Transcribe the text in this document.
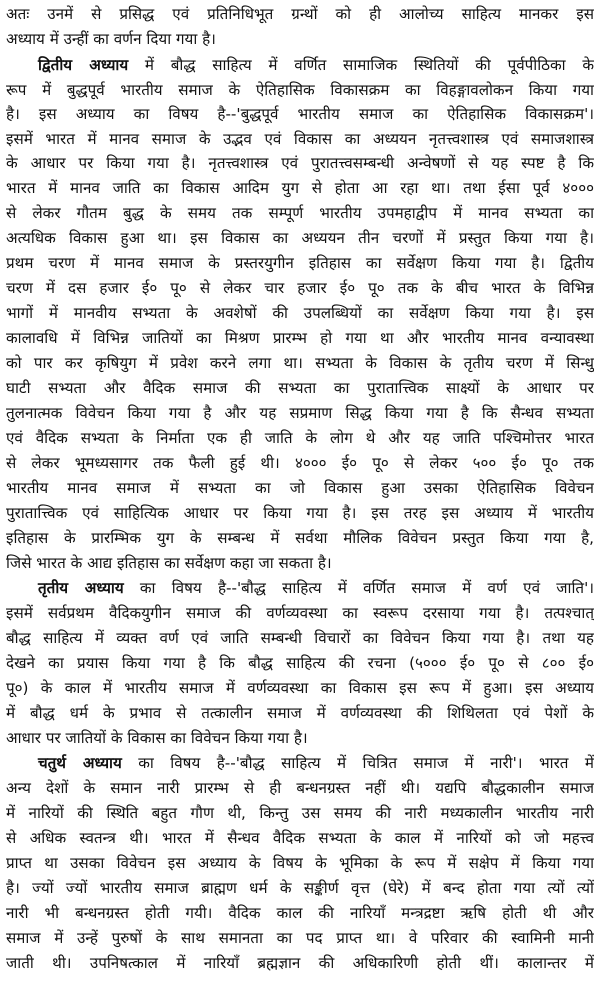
अतः उनमें से प्रसिद्ध एवं प्रतिनिधिभूत ग्रन्थों को ही आलोच्य साहित्य मानकर इस
अध्याय में उन्हीं का वर्णन दिया गया है।
द्वितीय अध्याय में बौद्ध साहित्य में वर्णित सामाजिक स्थितियों की पूर्वपीठिका के
रूप में बुद्धपूर्व भारतीय समाज के ऐतिहासिक विकासक्रम का विहङ्गावलोकन किया गया
है। इस अध्याय का विषय है--'बुद्धपूर्व भारतीय समाज का ऐतिहासिक विकासक्रम'।
इसमें भारत में मानव समाज के उद्भव एवं विकास का अध्ययन नृतत्त्वशास्त्र एवं समाजशास्त्र
के आधार पर किया गया है। नृतत्त्वशास्त्र एवं पुरातत्त्वसम्बन्धी अन्वेषणों से यह स्पष्ट है कि
भारत में मानव जाति का विकास आदिम युग से होता आ रहा था। तथा ईसा पूर्व ४०००
से लेकर गौतम बुद्ध के समय तक सम्पूर्ण भारतीय उपमहाद्वीप में मानव सभ्यता का
अत्यधिक विकास हुआ था। इस विकास का अध्ययन तीन चरणों में प्रस्तुत किया गया है।
प्रथम चरण में मानव समाज के प्रस्तरयुगीन इतिहास का सर्वेक्षण किया गया है। द्वितीय
चरण में दस हजार ई० पू० से लेकर चार हजार ई० पू० तक के बीच भारत के विभिन्न
भागों में मानवीय सभ्यता के अवशेषों की उपलब्धियों का सर्वेक्षण किया गया है। इस
कालावधि में विभिन्न जातियों का मिश्रण प्रारम्भ हो गया था और भारतीय मानव वन्यावस्था
को पार कर कृषियुग में प्रवेश करने लगा था। सभ्यता के विकास के तृतीय चरण में सिन्धु
घाटी सभ्यता और वैदिक समाज की सभ्यता का पुरातात्त्विक साक्ष्यों के आधार पर
तुलनात्मक विवेचन किया गया है और यह सप्रमाण सिद्ध किया गया है कि सैन्धव सभ्यता
एवं वैदिक सभ्यता के निर्माता एक ही जाति के लोग थे और यह जाति पश्चिमोत्तर भारत
से लेकर भूमध्यसागर तक फैली हुई थी। ४००० ई० पू० से लेकर ५०० ई० पू० तक
भारतीय मानव समाज में सभ्यता का जो विकास हुआ उसका ऐतिहासिक विवेचन
पुरातात्त्विक एवं साहित्यिक आधार पर किया गया है। इस तरह इस अध्याय में भारतीय
इतिहास के प्रारम्भिक युग के सम्बन्ध में सर्वथा मौलिक विवेचन प्रस्तुत किया गया है,
जिसे भारत के आद्य इतिहास का सर्वेक्षण कहा जा सकता है।
तृतीय अध्याय का विषय है--'बौद्ध साहित्य में वर्णित समाज में वर्ण एवं जाति'।
इसमें सर्वप्रथम वैदिकयुगीन समाज की वर्णव्यवस्था का स्वरूप दरसाया गया है। तत्पश्चात्
बौद्ध साहित्य में व्यक्त वर्ण एवं जाति सम्बन्धी विचारों का विवेचन किया गया है। तथा यह
देखने का प्रयास किया गया है कि बौद्ध साहित्य की रचना (५००० ई० पू० से ८०० ई०
पू०) के काल में भारतीय समाज में वर्णव्यवस्था का विकास इस रूप में हुआ। इस अध्याय
में बौद्ध धर्म के प्रभाव से तत्कालीन समाज में वर्णव्यवस्था की शिथिलता एवं पेशों के
आधार पर जातियों के विकास का विवेचन किया गया है।
चतुर्थ अध्याय का विषय है--'बौद्ध साहित्य में चित्रित समाज में नारी'। भारत में
अन्य देशों के समान नारी प्रारम्भ से ही बन्धनग्रस्त नहीं थी। यद्यपि बौद्धकालीन समाज
में नारियों की स्थिति बहुत गौण थी, किन्तु उस समय की नारी मध्यकालीन भारतीय नारी
से अधिक स्वतन्त्र थी। भारत में सैन्धव वैदिक सभ्यता के काल में नारियों को जो महत्त्व
प्राप्त था उसका विवेचन इस अध्याय के विषय के भूमिका के रूप में सक्षेप में किया गया
है। ज्यों ज्यों भारतीय समाज ब्राह्मण धर्म के सङ्कीर्ण वृत्त (घेरे) में बन्द होता गया त्यों त्यों
नारी भी बन्धनग्रस्त होती गयी। वैदिक काल की नारियाँ मन्त्रद्रष्टा ऋषि होती थी और
समाज में उन्हें पुरुषों के साथ समानता का पद प्राप्त था। वे परिवार की स्वामिनी मानी
जाती थी। उपनिषत्काल में नारियाँ ब्रह्मज्ञान की अधिकारिणी होती थीं। कालान्तर में
